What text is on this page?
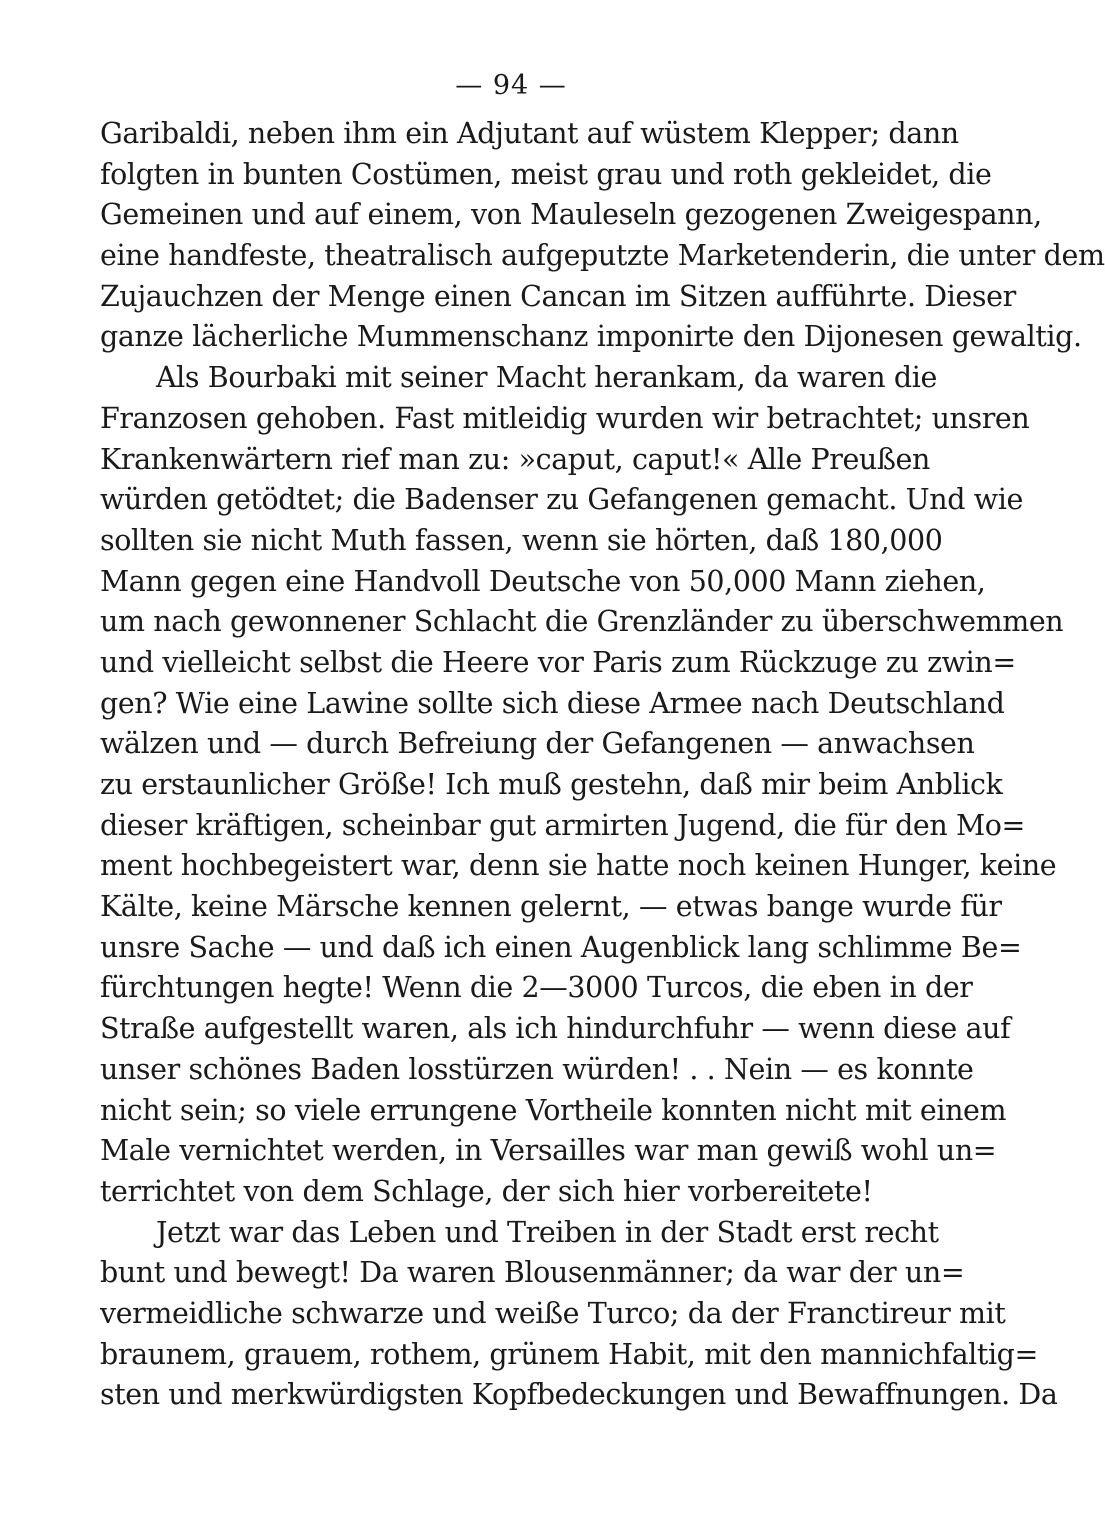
— 94 —
Garibaldi, neben ihm ein Adjutant auf wüstem Klepper; dann
folgten in bunten Costümen, meist grau und roth gekleidet, die
Gemeinen und auf einem, von Mauleseln gezogenen Zweigespann,
eine handfeste, theatralisch aufgeputzte Marketenderin, die unter dem
Zujauchzen der Menge einen Cancan im Sitzen aufführte. Dieser
ganze lächerliche Mummenschanz imponirte den Dijonesen gewaltig.
Als Bourbaki mit seiner Macht herankam, da waren die
Franzosen gehoben. Fast mitleidig wurden wir betrachtet; unsren
Krankenwärtern rief man zu: »caput, caput!« Alle Preußen
würden getödtet; die Badenser zu Gefangenen gemacht. Und wie
sollten sie nicht Muth fassen, wenn sie hörten, daß 180,000
Mann gegen eine Handvoll Deutsche von 50,000 Mann ziehen,
um nach gewonnener Schlacht die Grenzländer zu überschwemmen
und vielleicht selbst die Heere vor Paris zum Rückzuge zu zwin=
gen? Wie eine Lawine sollte sich diese Armee nach Deutschland
wälzen und — durch Befreiung der Gefangenen — anwachsen
zu erstaunlicher Größe! Ich muß gestehn, daß mir beim Anblick
dieser kräftigen, scheinbar gut armirten Jugend, die für den Mo=
ment hochbegeistert war, denn sie hatte noch keinen Hunger, keine
Kälte, keine Märsche kennen gelernt, — etwas bange wurde für
unsre Sache — und daß ich einen Augenblick lang schlimme Be=
fürchtungen hegte! Wenn die 2—3000 Turcos, die eben in der
Straße aufgestellt waren, als ich hindurchfuhr — wenn diese auf
unser schönes Baden losstürzen würden! . . Nein — es konnte
nicht sein; so viele errungene Vortheile konnten nicht mit einem
Male vernichtet werden, in Versailles war man gewiß wohl un=
terrichtet von dem Schlage, der sich hier vorbereitete!
Jetzt war das Leben und Treiben in der Stadt erst recht
bunt und bewegt! Da waren Blousenmänner; da war der un=
vermeidliche schwarze und weiße Turco; da der Franctireur mit
braunem, grauem, rothem, grünem Habit, mit den mannichfaltig=
sten und merkwürdigsten Kopfbedeckungen und Bewaffnungen. Da
